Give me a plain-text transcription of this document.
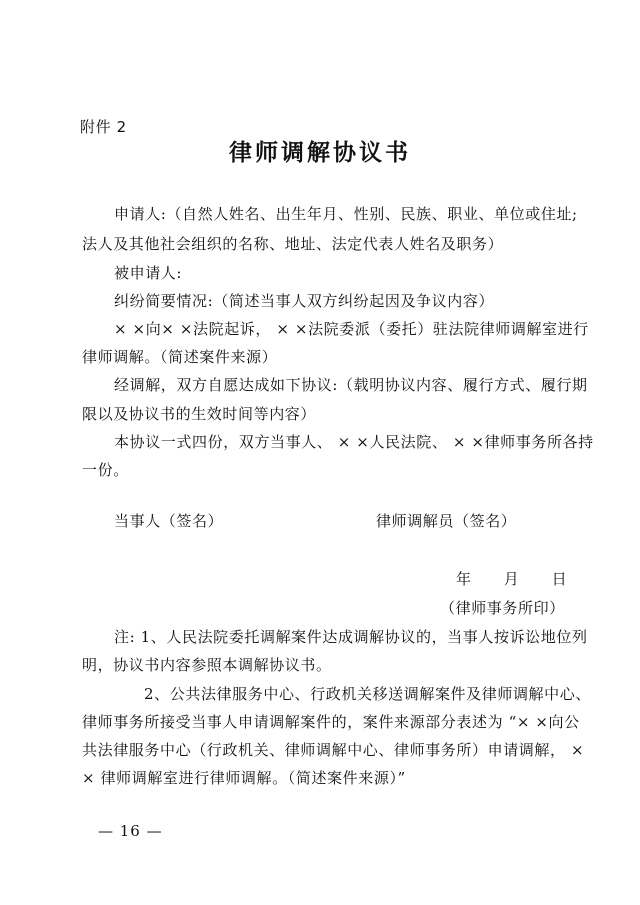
附件 2
律师调解协议书
申请人:（自然人姓名、出生年月、性别、民族、职业、单位或住址;
法人及其他社会组织的名称、地址、法定代表人姓名及职务）
被申请人:
纠纷简要情况:（简述当事人双方纠纷起因及争议内容）
× ×向× ×法院起诉， × ×法院委派（委托）驻法院律师调解室进行
律师调解。（简述案件来源）
经调解，双方自愿达成如下协议:（载明协议内容、履行方式、履行期
限以及协议书的生效时间等内容）
本协议一式四份，双方当事人、 × ×人民法院、 × ×律师事务所各持
一份。
当事人（签名）	律师调解员（签名）
年      月      日
（律师事务所印）
注: 1、人民法院委托调解案件达成调解协议的，当事人按诉讼地位列
明，协议书内容参照本调解协议书。
2、公共法律服务中心、行政机关移送调解案件及律师调解中心、
律师事务所接受当事人申请调解案件的，案件来源部分表述为 “× ×向公
共法律服务中心（行政机关、律师调解中心、律师事务所）申请调解， ×
× 律师调解室进行律师调解。（简述案件来源）”
— 16 —
